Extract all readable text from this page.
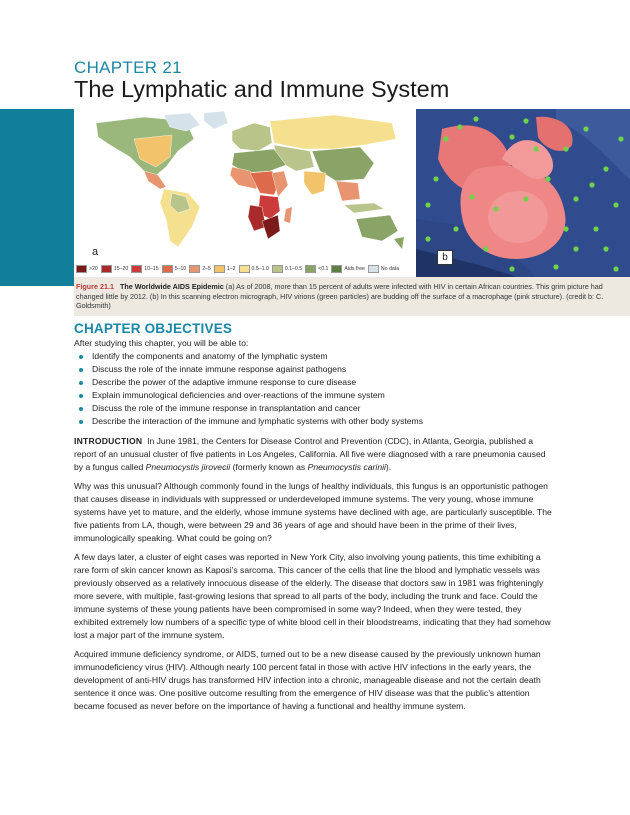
CHAPTER 21
The Lymphatic and Immune System
a
>20	15–20	10–15	5–10	2–5	1–2	0.5–1.0	0.1–0.5	<0.1	Aids free	No data
b
Figure 21.1 The Worldwide AIDS Epidemic (a) As of 2008, more than 15 percent of adults were infected with HIV in certain African countries. This grim picture had changed little by 2012. (b) In this scanning electron micrograph, HIV virions (green particles) are budding off the surface of a macrophage (pink structure). (credit b: C. Goldsmith)
CHAPTER OBJECTIVES
After studying this chapter, you will be able to:
Identify the components and anatomy of the lymphatic system
Discuss the role of the innate immune response against pathogens
Describe the power of the adaptive immune response to cure disease
Explain immunological deficiencies and over-reactions of the immune system
Discuss the role of the immune response in transplantation and cancer
Describe the interaction of the immune and lymphatic systems with other body systems

INTRODUCTION In June 1981, the Centers for Disease Control and Prevention (CDC), in Atlanta, Georgia, published a report of an unusual cluster of five patients in Los Angeles, California. All five were diagnosed with a rare pneumonia caused by a fungus called Pneumocystis jirovecii (formerly known as Pneumocystis carinii).

Why was this unusual? Although commonly found in the lungs of healthy individuals, this fungus is an opportunistic pathogen that causes disease in individuals with suppressed or underdeveloped immune systems. The very young, whose immune systems have yet to mature, and the elderly, whose immune systems have declined with age, are particularly susceptible. The five patients from LA, though, were between 29 and 36 years of age and should have been in the prime of their lives, immunologically speaking. What could be going on?

A few days later, a cluster of eight cases was reported in New York City, also involving young patients, this time exhibiting a rare form of skin cancer known as Kaposi’s sarcoma. This cancer of the cells that line the blood and lymphatic vessels was previously observed as a relatively innocuous disease of the elderly. The disease that doctors saw in 1981 was frighteningly more severe, with multiple, fast-growing lesions that spread to all parts of the body, including the trunk and face. Could the immune systems of these young patients have been compromised in some way? Indeed, when they were tested, they exhibited extremely low numbers of a specific type of white blood cell in their bloodstreams, indicating that they had somehow lost a major part of the immune system.

Acquired immune deficiency syndrome, or AIDS, turned out to be a new disease caused by the previously unknown human immunodeficiency virus (HIV). Although nearly 100 percent fatal in those with active HIV infections in the early years, the development of anti-HIV drugs has transformed HIV infection into a chronic, manageable disease and not the certain death sentence it once was. One positive outcome resulting from the emergence of HIV disease was that the public’s attention became focused as never before on the importance of having a functional and healthy immune system.
